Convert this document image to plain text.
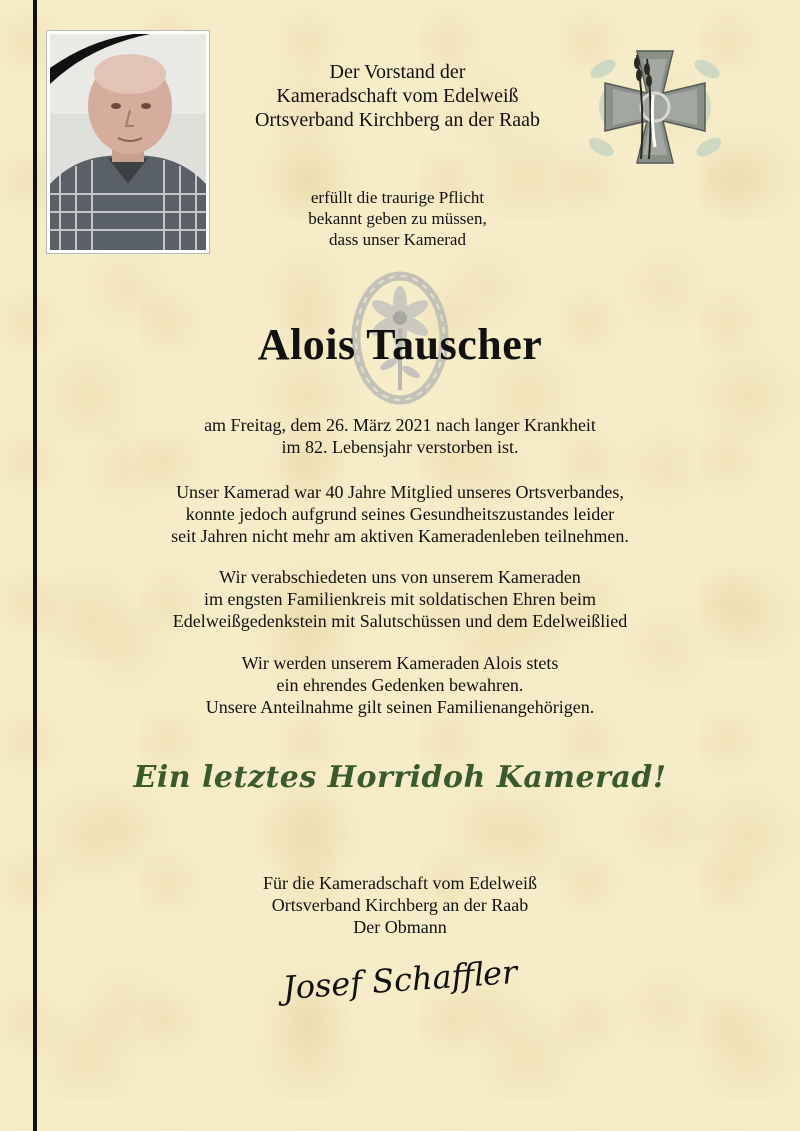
Der Vorstand der

Kameradschaft vom Edelweiß

Ortsverband Kirchberg an der Raab

erfüllt die traurige Pflicht

bekannt geben zu müssen,

dass unser Kamerad

Alois Tauscher

am Freitag, dem 26. März 2021 nach langer Krankheit

im 82. Lebensjahr verstorben ist.

Unser Kamerad war 40 Jahre Mitglied unseres Ortsverbandes,

konnte jedoch aufgrund seines Gesundheitszustandes leider

seit Jahren nicht mehr am aktiven Kameradenleben teilnehmen.

Wir verabschiedeten uns von unserem Kameraden

im engsten Familienkreis mit soldatischen Ehren beim

Edelweißgedenkstein mit Salutschüssen und dem Edelweißlied

Wir werden unserem Kameraden Alois stets

ein ehrendes Gedenken bewahren.

Unsere Anteilnahme gilt seinen Familienangehörigen.

Ein letztes Horridoh Kamerad!

Für die Kameradschaft vom Edelweiß

Ortsverband Kirchberg an der Raab

Der Obmann

Josef Schaffler
